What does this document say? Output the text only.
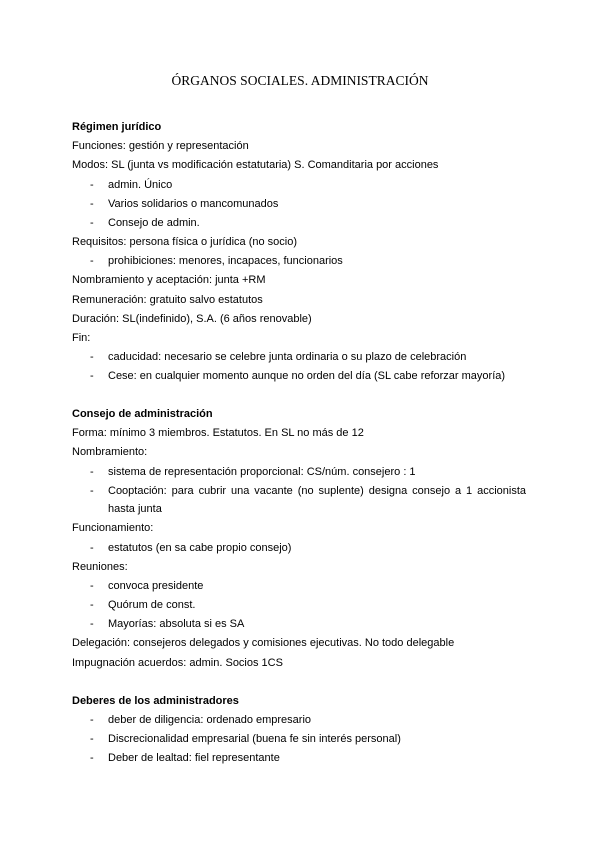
ÓRGANOS SOCIALES. ADMINISTRACIÓN
Régimen jurídico
Funciones: gestión y representación
Modos: SL (junta vs modificación estatutaria) S. Comanditaria por acciones
- admin. Único
- Varios solidarios o mancomunados
- Consejo de admin.
Requisitos: persona física o jurídica (no socio)
- prohibiciones: menores, incapaces, funcionarios
Nombramiento y aceptación: junta +RM
Remuneración: gratuito salvo estatutos
Duración: SL(indefinido), S.A. (6 años renovable)
Fin:
- caducidad: necesario se celebre junta ordinaria o su plazo de celebración
- Cese: en cualquier momento aunque no orden del día (SL cabe reforzar mayoría)
Consejo de administración
Forma: mínimo 3 miembros. Estatutos. En SL no más de 12
Nombramiento:
- sistema de representación proporcional: CS/núm. consejero : 1
- Cooptación: para cubrir una vacante (no suplente) designa consejo a 1 accionista
hasta junta
Funcionamiento:
- estatutos (en sa cabe propio consejo)
Reuniones:
- convoca presidente
- Quórum de const.
- Mayorías: absoluta si es SA
Delegación: consejeros delegados y comisiones ejecutivas. No todo delegable
Impugnación acuerdos: admin. Socios 1CS
Deberes de los administradores
- deber de diligencia: ordenado empresario
- Discrecionalidad empresarial (buena fe sin interés personal)
- Deber de lealtad: fiel representante
